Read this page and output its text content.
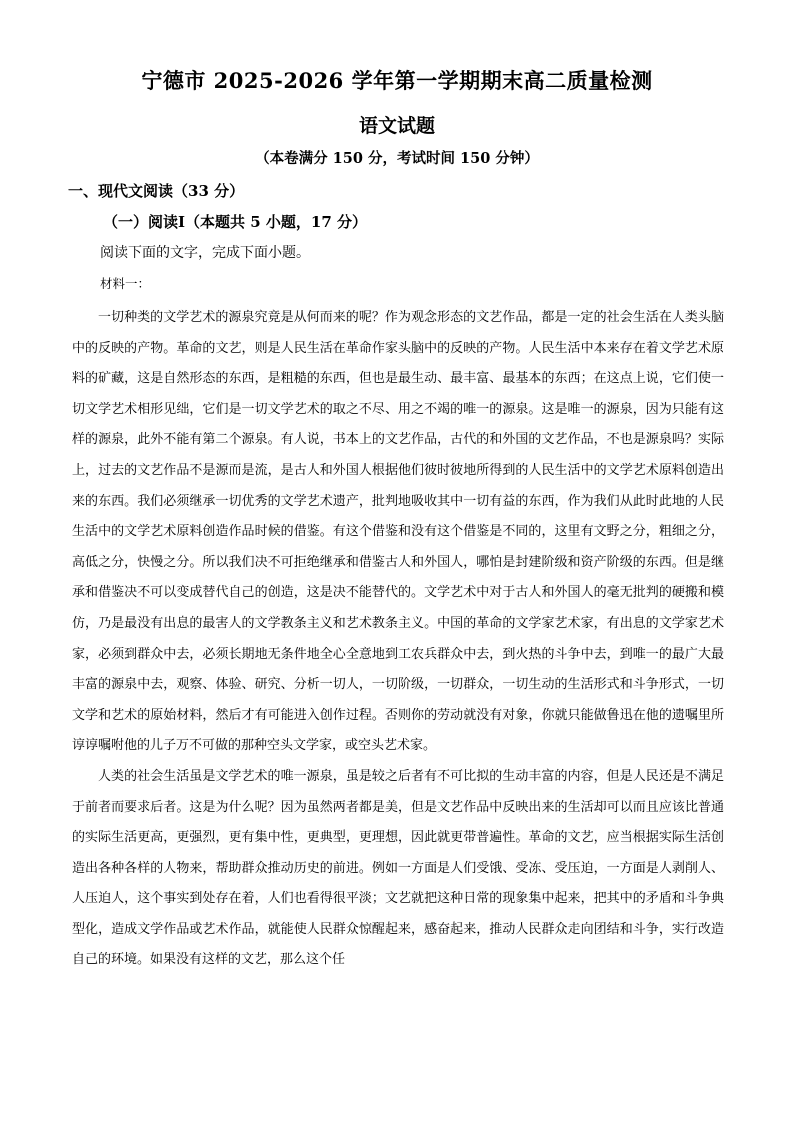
宁德市 2025-2026 学年第一学期期末高二质量检测
语文试题
（本卷满分 150 分，考试时间 150 分钟）
一、现代文阅读（33 分）
（一）阅读Ⅰ（本题共 5 小题，17 分）
阅读下面的文字，完成下面小题。
材料一：

一切种类的文学艺术的源泉究竟是从何而来的呢？作为观念形态的文艺作品，都是一定的社会生活在人类头脑中的反映的产物。革命的文艺，则是人民生活在革命作家头脑中的反映的产物。人民生活中本来存在着文学艺术原料的矿藏，这是自然形态的东西，是粗糙的东西，但也是最生动、最丰富、最基本的东西；在这点上说，它们使一切文学艺术相形见绌，它们是一切文学艺术的取之不尽、用之不竭的唯一的源泉。这是唯一的源泉，因为只能有这样的源泉，此外不能有第二个源泉。有人说，书本上的文艺作品，古代的和外国的文艺作品，不也是源泉吗？实际上，过去的文艺作品不是源而是流，是古人和外国人根据他们彼时彼地所得到的人民生活中的文学艺术原料创造出来的东西。我们必须继承一切优秀的文学艺术遗产，批判地吸收其中一切有益的东西，作为我们从此时此地的人民生活中的文学艺术原料创造作品时候的借鉴。有这个借鉴和没有这个借鉴是不同的，这里有文野之分，粗细之分，高低之分，快慢之分。所以我们决不可拒绝继承和借鉴古人和外国人，哪怕是封建阶级和资产阶级的东西。但是继承和借鉴决不可以变成替代自己的创造，这是决不能替代的。文学艺术中对于古人和外国人的毫无批判的硬搬和模仿，乃是最没有出息的最害人的文学教条主义和艺术教条主义。中国的革命的文学家艺术家，有出息的文学家艺术家，必须到群众中去，必须长期地无条件地全心全意地到工农兵群众中去，到火热的斗争中去，到唯一的最广大最丰富的源泉中去，观察、体验、研究、分析一切人，一切阶级，一切群众，一切生动的生活形式和斗争形式，一切文学和艺术的原始材料，然后才有可能进入创作过程。否则你的劳动就没有对象，你就只能做鲁迅在他的遗嘱里所谆谆嘱咐他的儿子万不可做的那种空头文学家，或空头艺术家。

人类的社会生活虽是文学艺术的唯一源泉，虽是较之后者有不可比拟的生动丰富的内容，但是人民还是不满足于前者而要求后者。这是为什么呢？因为虽然两者都是美，但是文艺作品中反映出来的生活却可以而且应该比普通的实际生活更高，更强烈，更有集中性，更典型，更理想，因此就更带普遍性。革命的文艺，应当根据实际生活创造出各种各样的人物来，帮助群众推动历史的前进。例如一方面是人们受饿、受冻、受压迫，一方面是人剥削人、人压迫人，这个事实到处存在着，人们也看得很平淡；文艺就把这种日常的现象集中起来，把其中的矛盾和斗争典型化，造成文学作品或艺术作品，就能使人民群众惊醒起来，感奋起来，推动人民群众走向团结和斗争，实行改造自己的环境。如果没有这样的文艺，那么这个任
